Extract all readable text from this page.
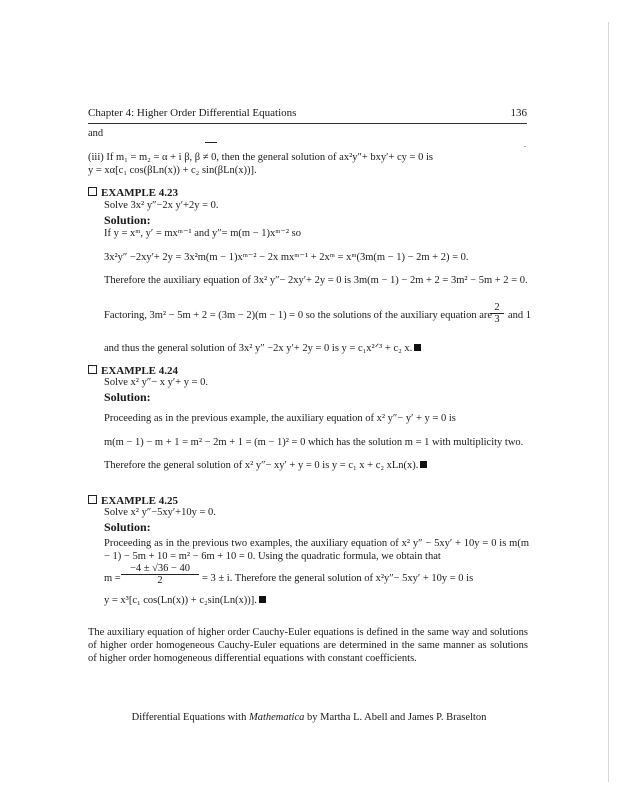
Chapter 4: Higher Order Differential Equations	136
and
(iii) If m₁ = m₂ = α + i β, β ≠ 0, then the general solution of ax²y″+ bxy′+ cy = 0 is
y = xα[c₁ cos(βLn(x)) + c₂ sin(βLn(x))].
.
EXAMPLE 4.23
Solve 3x² y″−2x y′+2y = 0.
Solution:
If y = xᵐ, y′ = mxᵐ⁻¹ and y″= m(m − 1)xᵐ⁻² so
3x²y″ −2xy′+ 2y = 3x²m(m − 1)xᵐ⁻² − 2x mxᵐ⁻¹ + 2xᵐ = xᵐ(3m(m − 1) − 2m + 2) = 0.
Therefore the auxiliary equation of 3x² y″− 2xy′+ 2y = 0 is 3m(m − 1) − 2m + 2 = 3m² − 5m + 2 = 0.
Factoring, 3m² − 5m + 2 = (3m − 2)(m − 1) = 0 so the solutions of the auxiliary equation are
$\frac{2}{3}$ and 1
and thus the general solution of 3x² y″ −2x y′+ 2y = 0 is y = c₁x²ᐟ³ + c₂ x.
EXAMPLE 4.24
Solve x² y″− x y′+ y = 0.
Solution:
Proceeding as in the previous example, the auxiliary equation of x² y″− y′ + y = 0 is
m(m − 1) − m + 1 = m² − 2m + 1 = (m − 1)² = 0 which has the solution m = 1 with multiplicity two.
Therefore the general solution of x² y″− xy′ + y = 0 is y = c₁ x + c₂ xLn(x).
EXAMPLE 4.25
Solve x² y″−5xy′+10y = 0.
Solution:
Proceeding as in the previous two examples, the auxiliary equation of x² y″ − 5xy′ + 10y = 0 is m(m − 1) − 5m + 10 = m² − 6m + 10 = 0. Using the quadratic formula, we obtain that
$m = \frac{-4 \pm √36 - 40}{2} = 3 \pm i$. Therefore the general solution of x²y″− 5xy′ + 10y = 0 is
y = x³[c₁ cos(Ln(x)) + c₂sin(Ln(x))].
The auxiliary equation of higher order Cauchy-Euler equations is defined in the same way and solutions of higher order homogeneous Cauchy-Euler equations are determined in the same manner as solutions of higher order homogeneous differential equations with constant coefficients.
Differential Equations with Mathematica by Martha L. Abell and James P. Braselton
